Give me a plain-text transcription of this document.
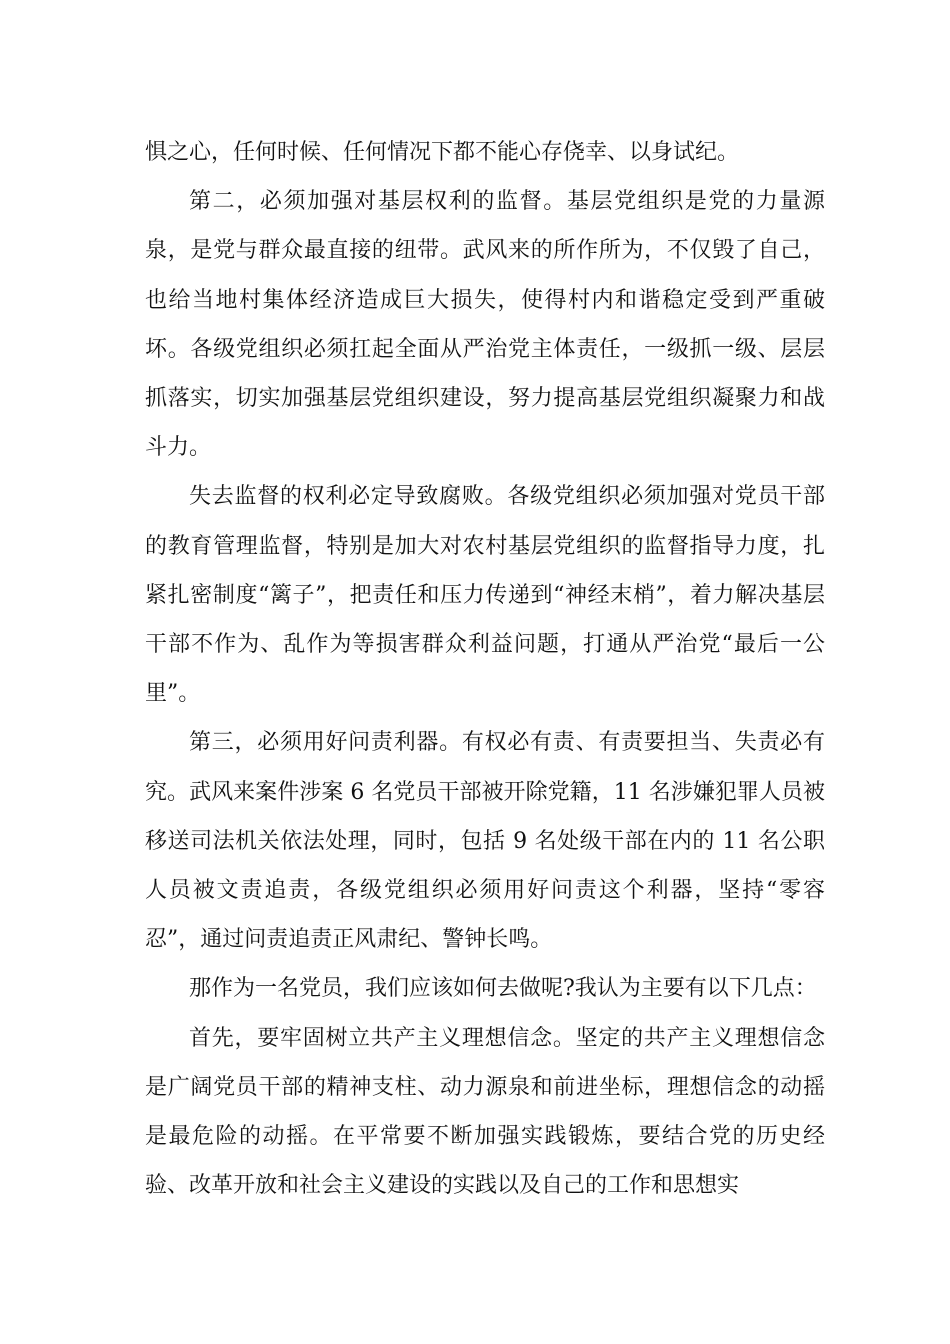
惧之心，任何时候、任何情况下都不能心存侥幸、以身试纪。

第二，必须加强对基层权利的监督。基层党组织是党的力量源泉，是党与群众最直接的纽带。武风来的所作所为，不仅毁了自己，也给当地村集体经济造成巨大损失，使得村内和谐稳定受到严重破坏。各级党组织必须扛起全面从严治党主体责任，一级抓一级、层层抓落实，切实加强基层党组织建设，努力提高基层党组织凝聚力和战斗力。

失去监督的权利必定导致腐败。各级党组织必须加强对党员干部的教育管理监督，特别是加大对农村基层党组织的监督指导力度，扎紧扎密制度“篱子”，把责任和压力传递到“神经末梢”，着力解决基层干部不作为、乱作为等损害群众利益问题，打通从严治党“最后一公里”。

第三，必须用好问责利器。有权必有责、有责要担当、失责必有究。武风来案件涉案 6 名党员干部被开除党籍，11 名涉嫌犯罪人员被移送司法机关依法处理，同时，包括 9 名处级干部在内的 11 名公职人员被文责追责，各级党组织必须用好问责这个利器，坚持“零容忍”，通过问责追责正风肃纪、警钟长鸣。

那作为一名党员，我们应该如何去做呢?我认为主要有以下几点：

首先，要牢固树立共产主义理想信念。坚定的共产主义理想信念是广阔党员干部的精神支柱、动力源泉和前进坐标，理想信念的动摇是最危险的动摇。在平常要不断加强实践锻炼，要结合党的历史经验、改革开放和社会主义建设的实践以及自己的工作和思想实
